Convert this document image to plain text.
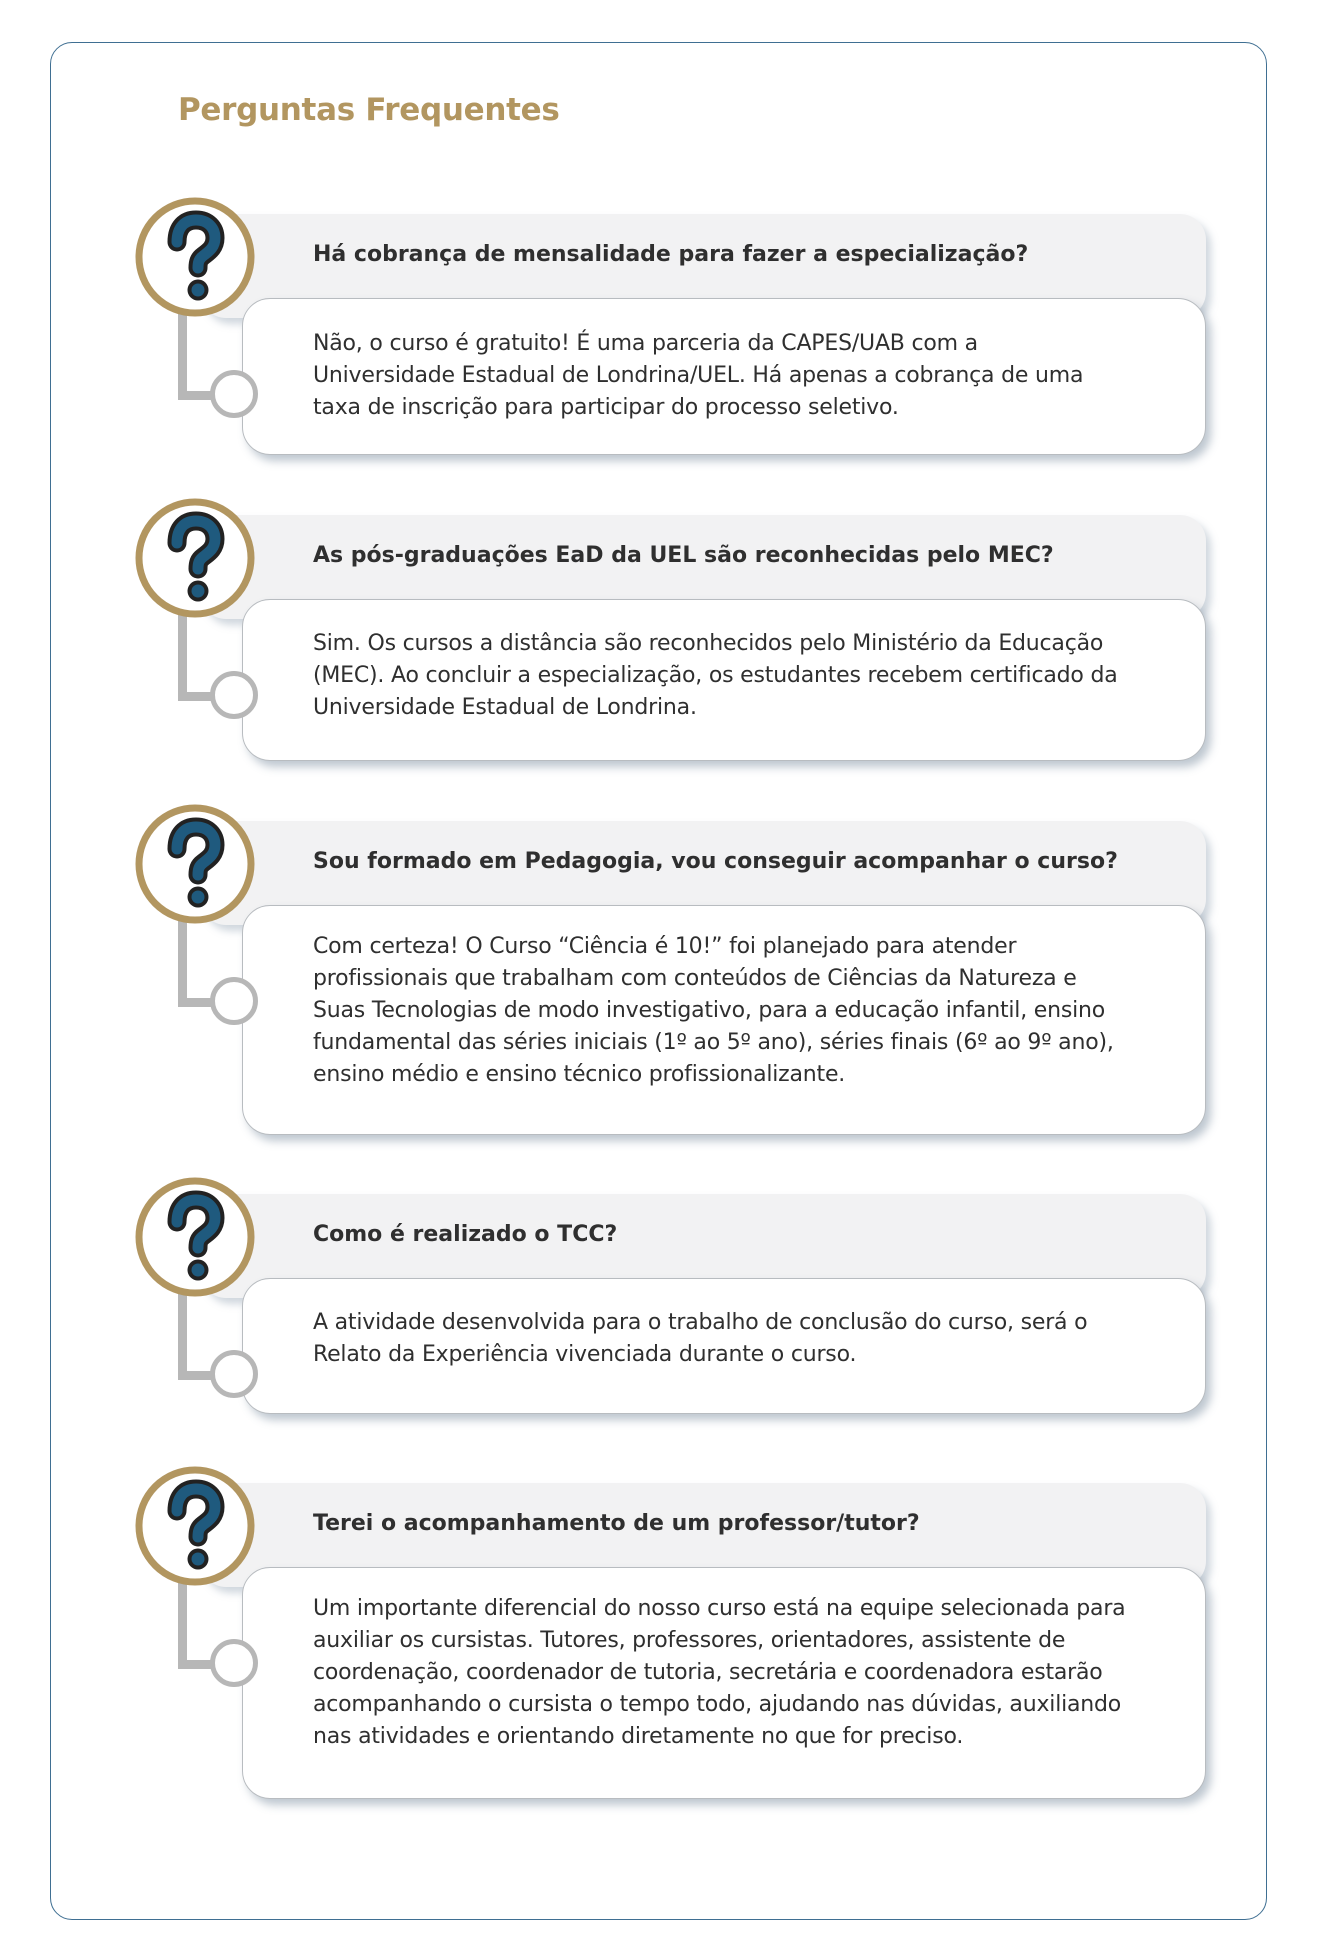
Perguntas Frequentes
Há cobrança de mensalidade para fazer a especialização?
Não, o curso é gratuito! É uma parceria da CAPES/UAB com a
Universidade Estadual de Londrina/UEL. Há apenas a cobrança de uma
taxa de inscrição para participar do processo seletivo.
As pós-graduações EaD da UEL são reconhecidas pelo MEC?
Sim. Os cursos a distância são reconhecidos pelo Ministério da Educação
(MEC). Ao concluir a especialização, os estudantes recebem certificado da
Universidade Estadual de Londrina.
Sou formado em Pedagogia, vou conseguir acompanhar o curso?
Com certeza! O Curso “Ciência é 10!” foi planejado para atender
profissionais que trabalham com conteúdos de Ciências da Natureza e
Suas Tecnologias de modo investigativo, para a educação infantil, ensino
fundamental das séries iniciais (1º ao 5º ano), séries finais (6º ao 9º ano),
ensino médio e ensino técnico profissionalizante.
Como é realizado o TCC?
A atividade desenvolvida para o trabalho de conclusão do curso, será o
Relato da Experiência vivenciada durante o curso.
Terei o acompanhamento de um professor/tutor?
Um importante diferencial do nosso curso está na equipe selecionada para
auxiliar os cursistas. Tutores, professores, orientadores, assistente de
coordenação, coordenador de tutoria, secretária e coordenadora estarão
acompanhando o cursista o tempo todo, ajudando nas dúvidas, auxiliando
nas atividades e orientando diretamente no que for preciso.
